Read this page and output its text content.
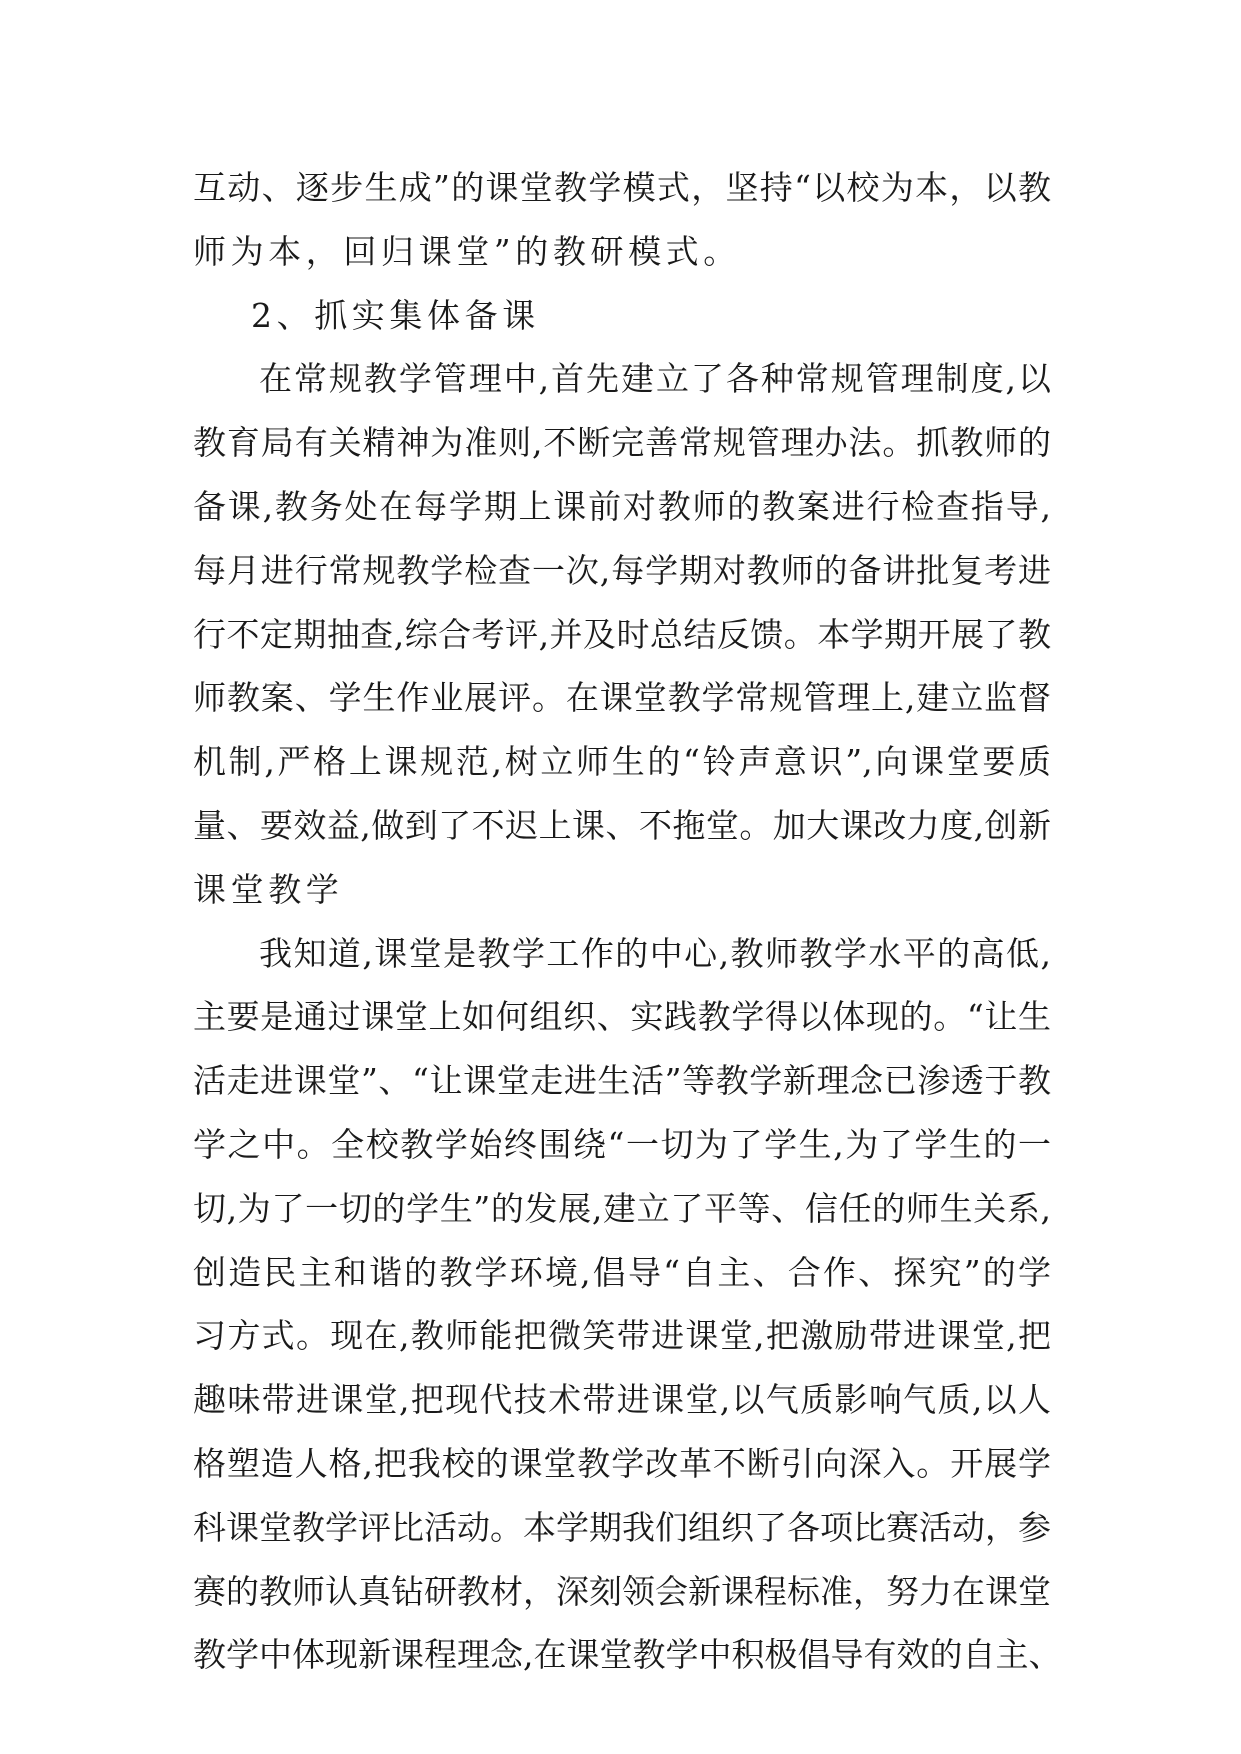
互动、逐步生成”的课堂教学模式，坚持“以校为本，以教
师为本，回归课堂”的教研模式。
2、抓实集体备课
在常规教学管理中,首先建立了各种常规管理制度,以
教育局有关精神为准则,不断完善常规管理办法。抓教师的
备课,教务处在每学期上课前对教师的教案进行检查指导,
每月进行常规教学检查一次,每学期对教师的备讲批复考进
行不定期抽查,综合考评,并及时总结反馈。本学期开展了教
师教案、学生作业展评。在课堂教学常规管理上,建立监督
机制,严格上课规范,树立师生的“铃声意识”,向课堂要质
量、要效益,做到了不迟上课、不拖堂。加大课改力度,创新
课堂教学
我知道,课堂是教学工作的中心,教师教学水平的高低,
主要是通过课堂上如何组织、实践教学得以体现的。“让生
活走进课堂”、“让课堂走进生活”等教学新理念已渗透于教
学之中。全校教学始终围绕“一切为了学生,为了学生的一
切,为了一切的学生”的发展,建立了平等、信任的师生关系,
创造民主和谐的教学环境,倡导“自主、合作、探究”的学
习方式。现在,教师能把微笑带进课堂,把激励带进课堂,把
趣味带进课堂,把现代技术带进课堂,以气质影响气质,以人
格塑造人格,把我校的课堂教学改革不断引向深入。开展学
科课堂教学评比活动。本学期我们组织了各项比赛活动，参
赛的教师认真钻研教材，深刻领会新课程标准，努力在课堂
教学中体现新课程理念,在课堂教学中积极倡导有效的自主、
